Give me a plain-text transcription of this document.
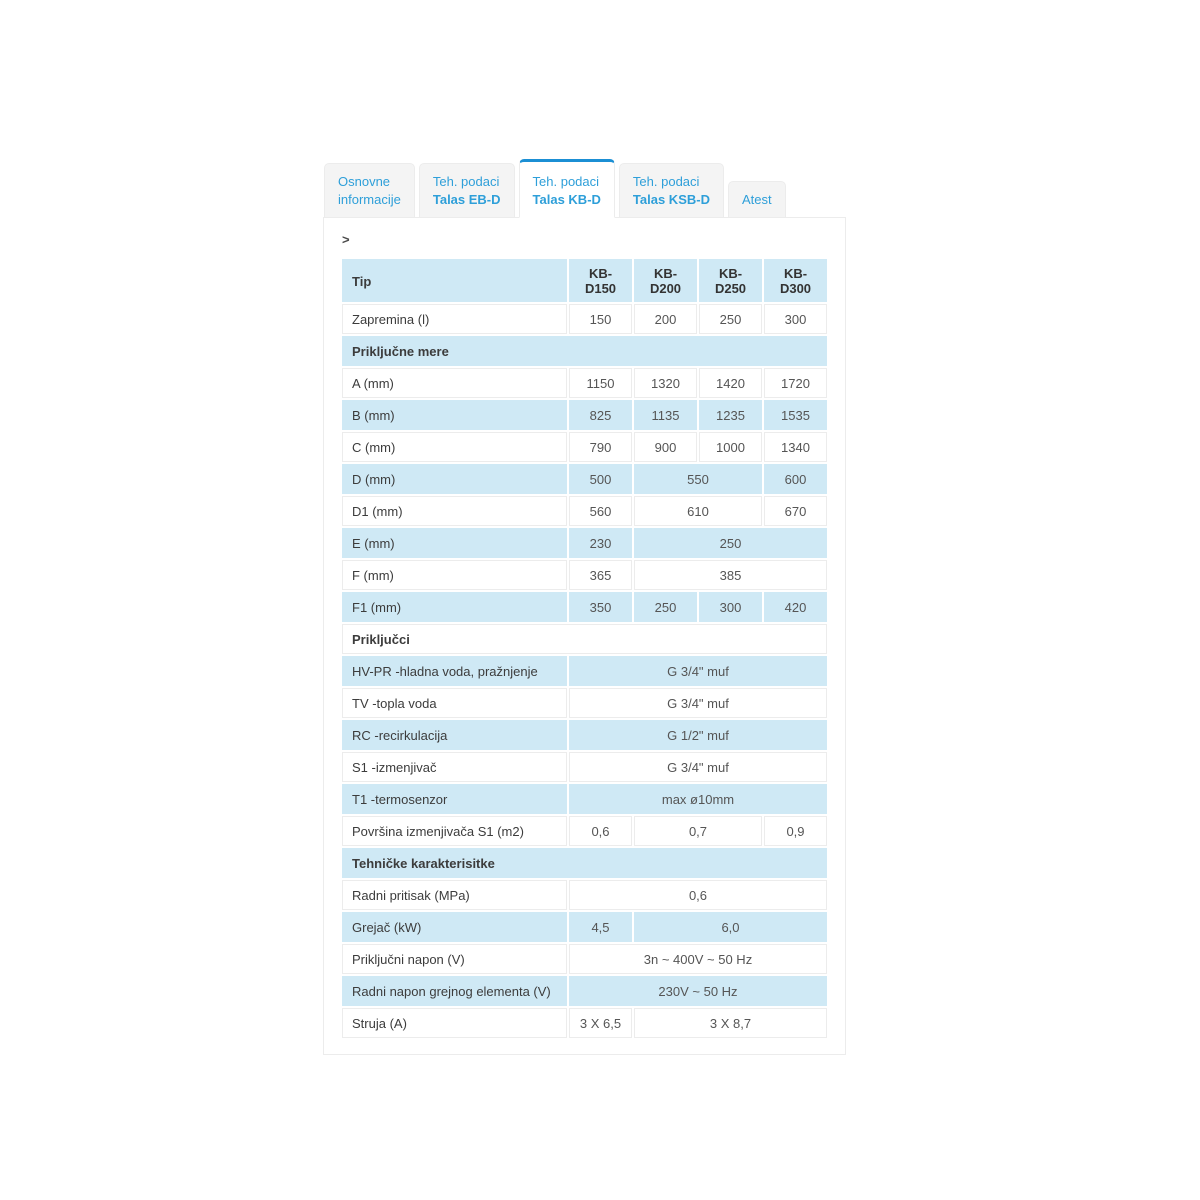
Osnovne
informacije
Teh. podaci
Talas EB-D
Teh. podaci
Talas KB-D
Teh. podaci
Talas KSB-D Atest
>
Tip	KB-D150	KB-D200	KB-D250	KB-D300
Zapremina (l)	150	200	250	300
Priključne mere				
A (mm)	1150	1320	1420	1720
B (mm)	825	1135	1235	1535
C (mm)	790	900	1000	1340
D (mm)	500	550		600
D1 (mm)	560	610		670
E (mm)	230	250		
F (mm)	365	385		
F1 (mm)	350	250	300	420
Priključci				
HV-PR -hladna voda, pražnjenje	G 3/4" muf			
TV -topla voda	G 3/4" muf			
RC -recirkulacija	G 1/2" muf			
S1 -izmenjivač	G 3/4" muf			
T1 -termosenzor	max ø10mm			
Površina izmenjivača S1 (m2)	0,6	0,7		0,9
Tehničke karakterisitke				
Radni pritisak (MPa)	0,6			
Grejač (kW)	4,5	6,0		
Priključni napon (V)	3n ~ 400V ~ 50 Hz			
Radni napon grejnog elementa (V)	230V ~ 50 Hz			
Struja (A)	3 X 6,5	3 X 8,7		
